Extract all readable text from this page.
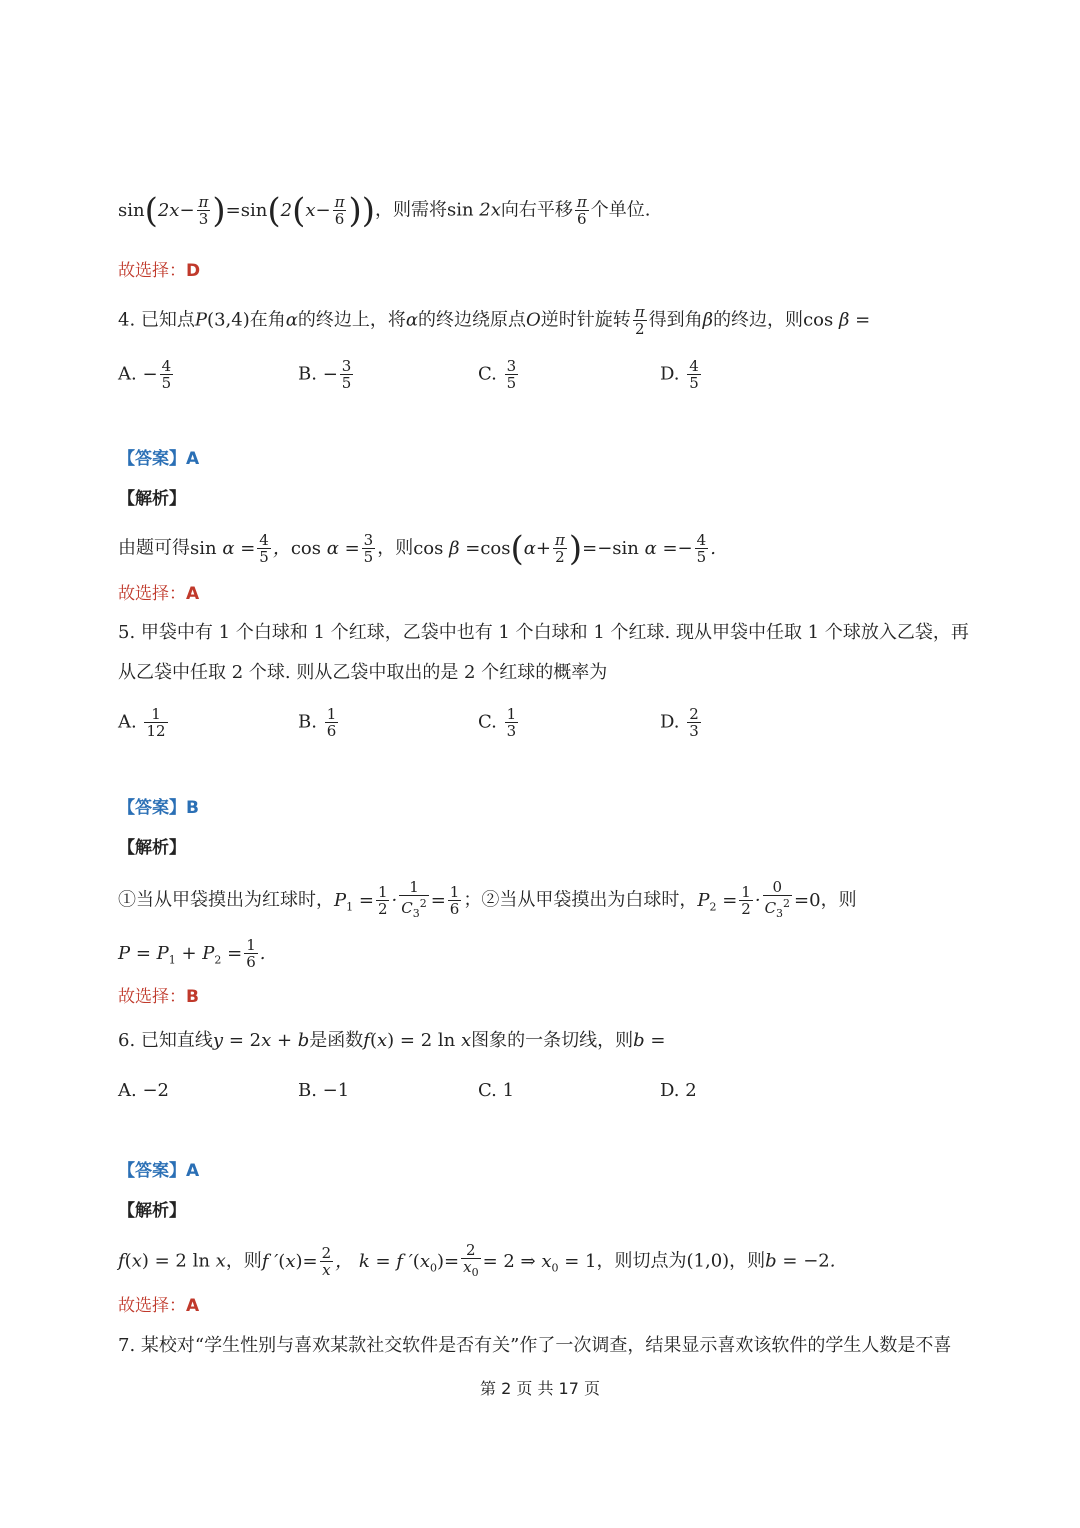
$\sin(2x- \frac{\pi}{3} )=\sin(2(x- \frac{\pi}{6}$ ))，则需将sin 2x向右平移 $\frac{\pi}{6}$ 个单位.
故选择：D
4. 已知点P(3,4)在角α的终边上，将α的终边绕原点O逆时针旋转 $\frac{\pi}{2}$ 得到角β的终边，则cos β =
A. − $\frac{4}{5}$	B. − $\frac{3}{5}$	C. $\frac{3}{5}$	D. $\frac{4}{5}$
【答案】A
【解析】
由题可得$\sin \alpha = \frac{4}{5}$ ，$\cos \alpha = \frac{3}{5}$ ，则$\cos \beta =\cos(\alpha+ \frac{\pi}{2} )=-\sin$ $\alpha =- \frac{4}{5}$ .
故选择：A
5. 甲袋中有 1 个白球和 1 个红球，乙袋中也有 1 个白球和 1 个红球. 现从甲袋中任取 1 个球放入乙袋，再
从乙袋中任取 2 个球. 则从乙袋中取出的是 2 个红球的概率为
A. $\frac{1}{12}$	B. $\frac{1}{6}$	C. $\frac{1}{3}$	D. $\frac{2}{3}$
【答案】B
【解析】
①当从甲袋摸出为红球时，$P_1 = \frac{1}{2} \cdot \frac{1}{C_3^2} = \frac{1}{6}$ ；②当从甲袋摸出为白球时，$P_2 = \frac{1}{2} \cdot \frac{0}{C_3^2} =0$，则
$P = P_1 + P_2 = \frac{1}{6}$ .
故选择：B
6. 已知直线y = 2x + b是函数f(x) = 2 ln x图象的一条切线，则b =
A. −2	B. −1	C. 1	D. 2
【答案】A
【解析】
f(x) = 2 ln x，则f $'(x)= \frac{2}{x}$ ， k = f $'(x_0)= \frac{2}{x_0} = 2$ ⇒ $x_0 = 1$，则切点为(1,0)，则b = −2.
故选择：A
7. 某校对“学生性别与喜欢某款社交软件是否有关”作了一次调查，结果显示喜欢该软件的学生人数是不喜
第 2 页 共 17 页
